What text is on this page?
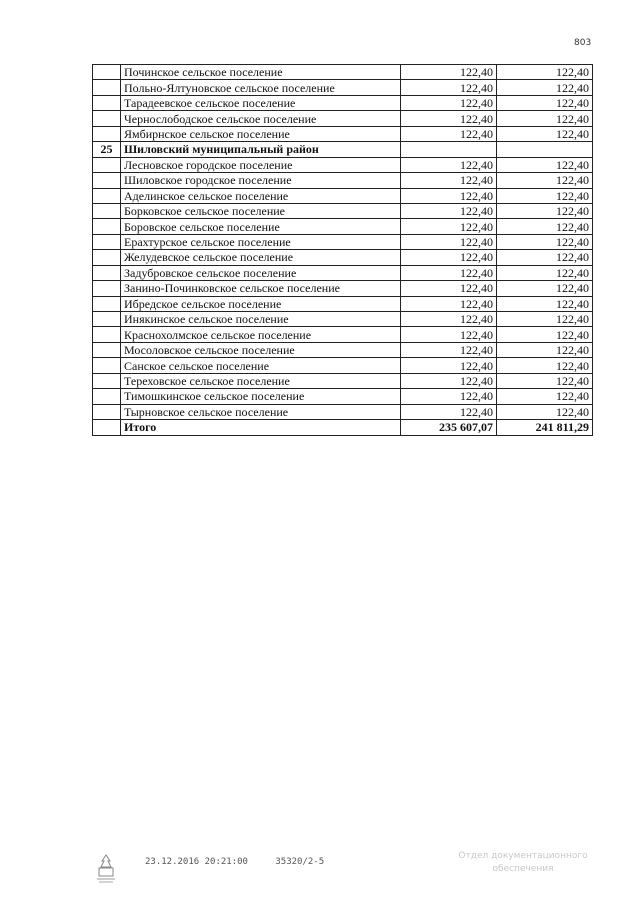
803
	Починское сельское поселение	122,40	122,40
	Польно-Ялтуновское сельское поселение	122,40	122,40
	Тарадеевское сельское поселение	122,40	122,40
	Чернослободское сельское поселение	122,40	122,40
	Ямбирнское сельское поселение	122,40	122,40
25	Шиловский муниципальный район		
	Лесновское городское поселение	122,40	122,40
	Шиловское городское поселение	122,40	122,40
	Аделинское сельское поселение	122,40	122,40
	Борковское сельское поселение	122,40	122,40
	Боровское сельское поселение	122,40	122,40
	Ерахтурское сельское поселение	122,40	122,40
	Желудевское сельское поселение	122,40	122,40
	Задубровское сельское поселение	122,40	122,40
	Занино-Починковское сельское поселение	122,40	122,40
	Ибредское сельское поселение	122,40	122,40
	Инякинское сельское поселение	122,40	122,40
	Краснохолмское сельское поселение	122,40	122,40
	Мосоловское сельское поселение	122,40	122,40
	Санское сельское поселение	122,40	122,40
	Тереховское сельское поселение	122,40	122,40
	Тимошкинское сельское поселение	122,40	122,40
	Тырновское сельское поселение	122,40	122,40
	Итого	235 607,07	241 811,29
23.12.2016 20:21:00	35320/2-5
Отдел документационного
обеспечения
